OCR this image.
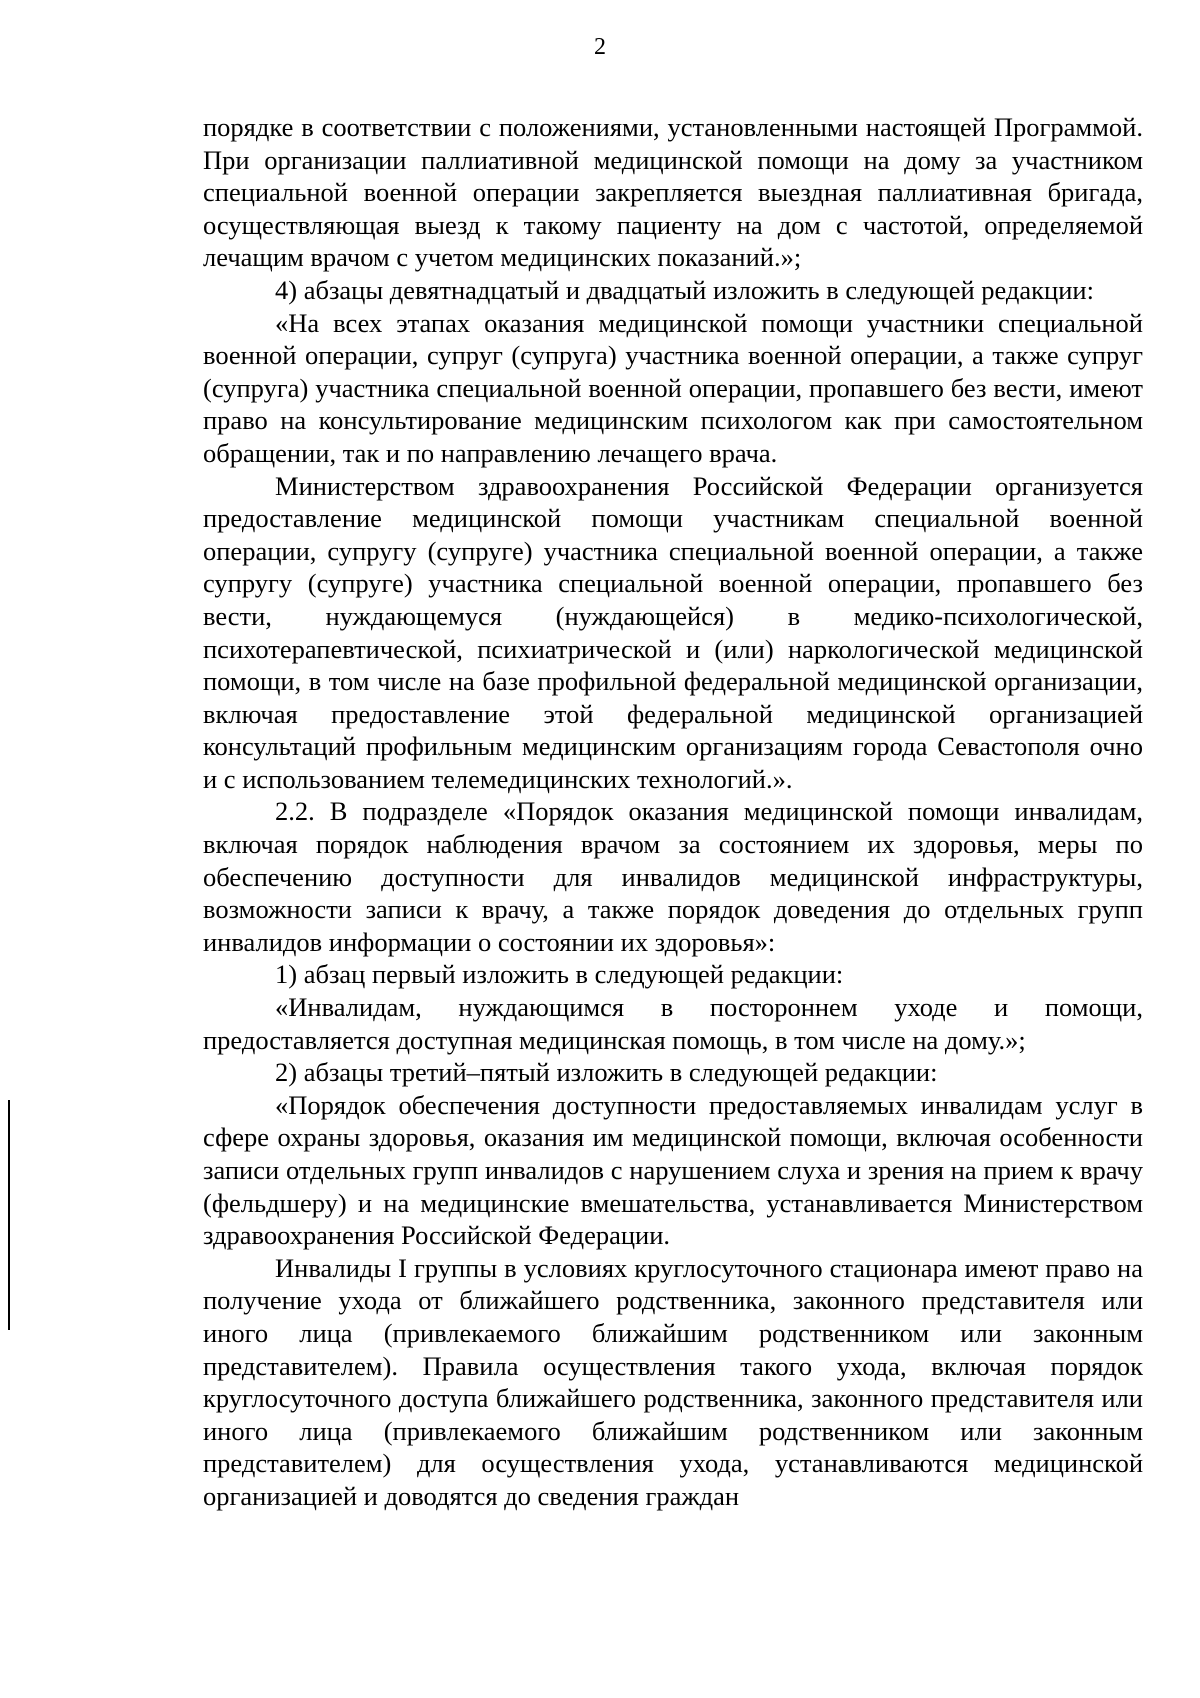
2

порядке в соответствии с положениями, установленными настоящей Программой. При организации паллиативной медицинской помощи на дому за участником специальной военной операции закрепляется выездная паллиативная бригада, осуществляющая выезд к такому пациенту на дом с частотой, определяемой лечащим врачом с учетом медицинских показаний.»;

4) абзацы девятнадцатый и двадцатый изложить в следующей редакции:

«На всех этапах оказания медицинской помощи участники специальной военной операции, супруг (супруга) участника военной операции, а также супруг (супруга) участника специальной военной операции, пропавшего без вести, имеют право на консультирование медицинским психологом как при самостоятельном обращении, так и по направлению лечащего врача.

Министерством здравоохранения Российской Федерации организуется предоставление медицинской помощи участникам специальной военной операции, супругу (супруге) участника специальной военной операции, а также супругу (супруге) участника специальной военной операции, пропавшего без вести, нуждающемуся (нуждающейся) в медико-психологической, психотерапевтической, психиатрической и (или) наркологической медицинской помощи, в том числе на базе профильной федеральной медицинской организации, включая предоставление этой федеральной медицинской организацией консультаций профильным медицинским организациям города Севастополя очно и с использованием телемедицинских технологий.».

2.2. В подразделе «Порядок оказания медицинской помощи инвалидам, включая порядок наблюдения врачом за состоянием их здоровья, меры по обеспечению доступности для инвалидов медицинской инфраструктуры, возможности записи к врачу, а также порядок доведения до отдельных групп инвалидов информации о состоянии их здоровья»:

1) абзац первый изложить в следующей редакции:

«Инвалидам, нуждающимся в постороннем уходе и помощи, предоставляется доступная медицинская помощь, в том числе на дому.»;

2) абзацы третий–пятый изложить в следующей редакции:

«Порядок обеспечения доступности предоставляемых инвалидам услуг в сфере охраны здоровья, оказания им медицинской помощи, включая особенности записи отдельных групп инвалидов с нарушением слуха и зрения на прием к врачу (фельдшеру) и на медицинские вмешательства, устанавливается Министерством здравоохранения Российской Федерации.

Инвалиды I группы в условиях круглосуточного стационара имеют право на получение ухода от ближайшего родственника, законного представителя или иного лица (привлекаемого ближайшим родственником или законным представителем). Правила осуществления такого ухода, включая порядок круглосуточного доступа ближайшего родственника, законного представителя или иного лица (привлекаемого ближайшим родственником или законным представителем) для осуществления ухода, устанавливаются медицинской организацией и доводятся до сведения граждан
